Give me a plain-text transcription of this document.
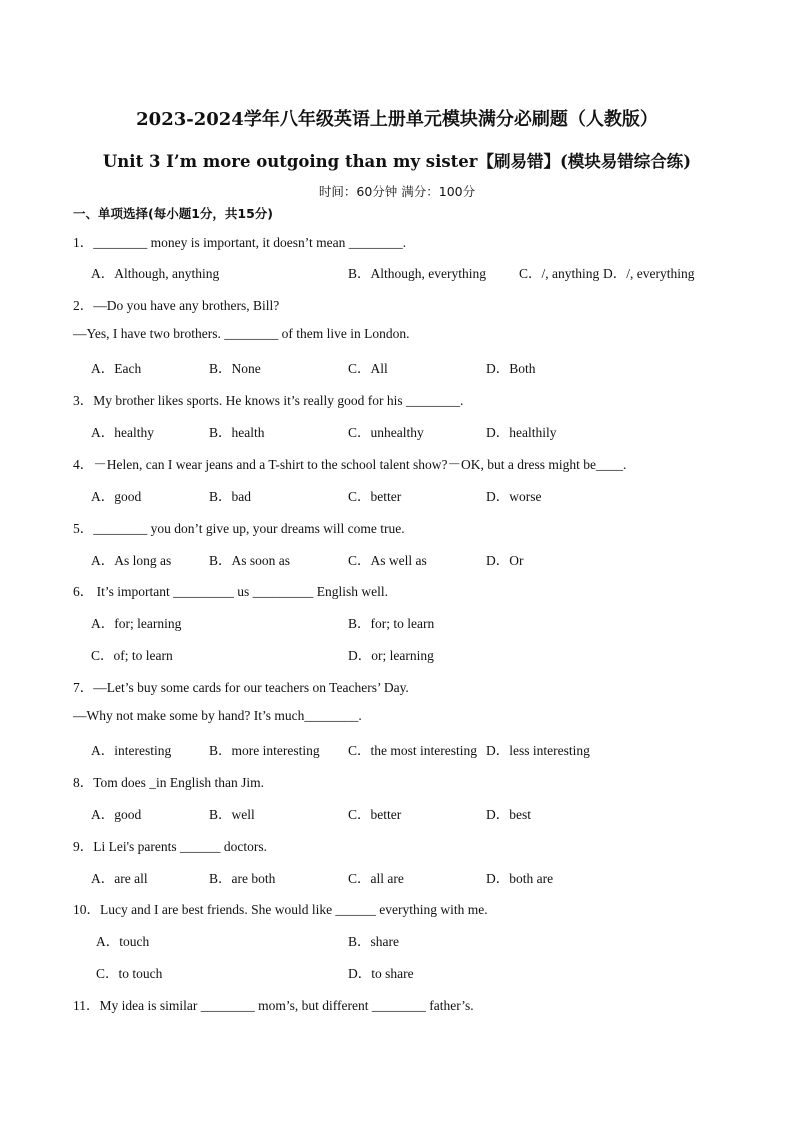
2023-2024学年八年级英语上册单元模块满分必刷题（人教版）
Unit 3 I’m more outgoing than my sister【刷易错】(模块易错综合练)
时间：60分钟 满分：100分
一、单项选择(每小题1分，共15分)
1．________ money is important, it doesn’t mean ________.
A．Although, anything	B．Although, everything C．/, anything D．/, everything
2．—Do you have any brothers, Bill?
—Yes, I have two brothers. ________ of them live in London.
A．Each	B．None	C．All	D．Both
3．My brother likes sports. He knows it’s really good for his ________.
A．healthy	B．health	C．unhealthy	D．healthily
4．－Helen, can I wear jeans and a T-shirt to the school talent show?－OK, but a dress might be____.
A．good	B．bad	C．better	D．worse
5．________ you don’t give up, your dreams will come true.
A．As long as	B．As soon as	C．As well as	D．Or
6． It’s important _________ us _________ English well.
A．for; learning	B．for; to learn
C．of; to learn	D．or; learning
7．—Let’s buy some cards for our teachers on Teachers’ Day.
—Why not make some by hand? It’s much________.
A．interesting	B．more interesting C．the most interesting D．less interesting
8．Tom does _in English than Jim.
A．good	B．well	C．better	D．best
9．Li Lei's parents ______ doctors.
A．are all	B．are both	C．all are	D．both are
10．Lucy and I are best friends. She would like ______ everything with me.
A．touch	B．share
C．to touch	D．to share
11．My idea is similar ________ mom’s, but different ________ father’s.
